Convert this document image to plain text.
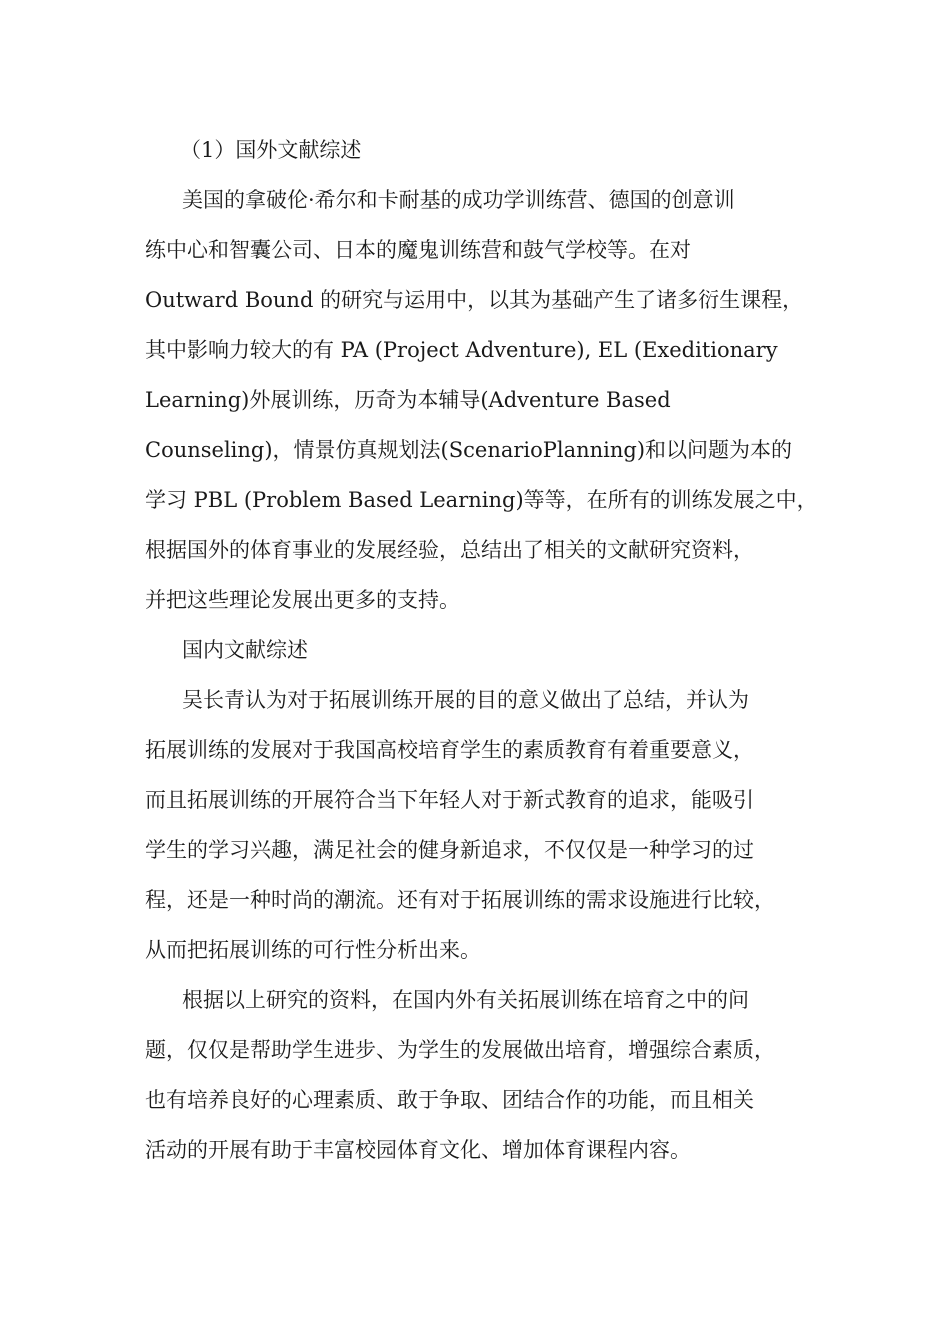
（1）国外文献综述
美国的拿破伦·希尔和卡耐基的成功学训练营、德国的创意训
练中心和智囊公司、日本的魔鬼训练营和鼓气学校等。在对
Outward Bound 的研究与运用中，以其为基础产生了诸多衍生课程，
其中影响力较大的有 PA (Project Adventure), EL (Exeditionary
Learning)外展训练，历奇为本辅导(Adventure Based
Counseling)，情景仿真规划法(ScenarioPlanning)和以问题为本的
学习 PBL (Problem Based Learning)等等，在所有的训练发展之中，
根据国外的体育事业的发展经验，总结出了相关的文献研究资料，
并把这些理论发展出更多的支持。
国内文献综述
吴长青认为对于拓展训练开展的目的意义做出了总结，并认为
拓展训练的发展对于我国高校培育学生的素质教育有着重要意义，
而且拓展训练的开展符合当下年轻人对于新式教育的追求，能吸引
学生的学习兴趣，满足社会的健身新追求，不仅仅是一种学习的过
程，还是一种时尚的潮流。还有对于拓展训练的需求设施进行比较，
从而把拓展训练的可行性分析出来。
根据以上研究的资料，在国内外有关拓展训练在培育之中的问
题，仅仅是帮助学生进步、为学生的发展做出培育，增强综合素质，
也有培养良好的心理素质、敢于争取、团结合作的功能，而且相关
活动的开展有助于丰富校园体育文化、增加体育课程内容。
